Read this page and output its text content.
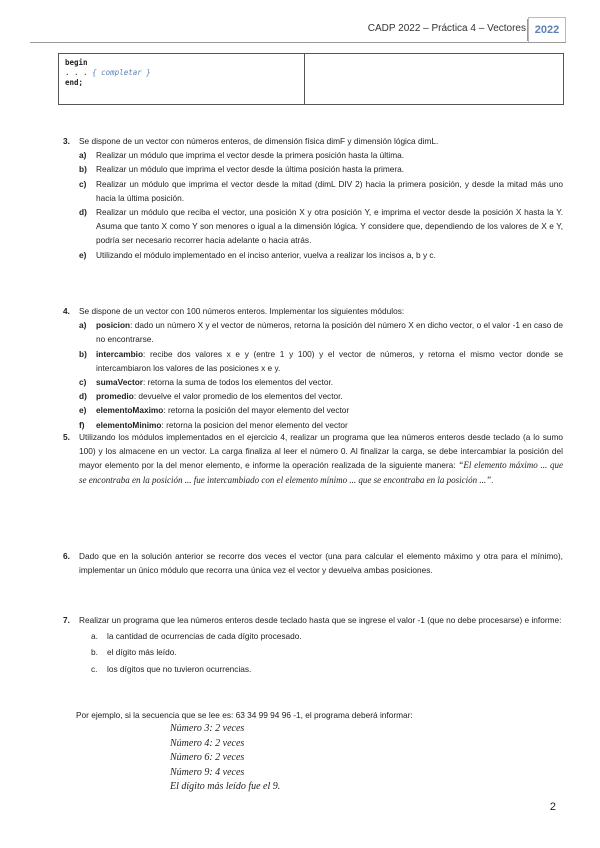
CADP 2022 – Práctica 4 – Vectores 2022
begin
. . . { completar }
end;
3. Se dispone de un vector con números enteros, de dimensión física dimF y dimensión lógica dimL.
a) Realizar un módulo que imprima el vector desde la primera posición hasta la última.
b) Realizar un módulo que imprima el vector desde la última posición hasta la primera.
c) Realizar un módulo que imprima el vector desde la mitad (dimL DIV 2) hacia la primera posición, y desde la mitad más uno hacia la última posición.
d) Realizar un módulo que reciba el vector, una posición X y otra posición Y, e imprima el vector desde la posición X hasta la Y. Asuma que tanto X como Y son menores o igual a la dimensión lógica. Y considere que, dependiendo de los valores de X e Y, podría ser necesario recorrer hacia adelante o hacia atrás.
e) Utilizando el módulo implementado en el inciso anterior, vuelva a realizar los incisos a, b y c.
4. Se dispone de un vector con 100 números enteros. Implementar los siguientes módulos:
a) posicion: dado un número X y el vector de números, retorna la posición del número X en dicho vector, o el valor -1 en caso de no encontrarse.
b) intercambio: recibe dos valores x e y (entre 1 y 100) y el vector de números, y retorna el mismo vector donde se intercambiaron los valores de las posiciones x e y.
c) sumaVector: retorna la suma de todos los elementos del vector.
d) promedio: devuelve el valor promedio de los elementos del vector.
e) elementoMaximo: retorna la posición del mayor elemento del vector
f) elementoMinimo: retorna la posicion del menor elemento del vector
5. Utilizando los módulos implementados en el ejercicio 4, realizar un programa que lea números enteros desde teclado (a lo sumo 100) y los almacene en un vector. La carga finaliza al leer el número 0. Al finalizar la carga, se debe intercambiar la posición del mayor elemento por la del menor elemento, e informe la operación realizada de la siguiente manera: “El elemento máximo ... que se encontraba en la posición ... fue intercambiado con el elemento mínimo ... que se encontraba en la posición ...”.
6. Dado que en la solución anterior se recorre dos veces el vector (una para calcular el elemento máximo y otra para el mínimo), implementar un único módulo que recorra una única vez el vector y devuelva ambas posiciones.
7. Realizar un programa que lea números enteros desde teclado hasta que se ingrese el valor -1 (que no debe procesarse) e informe:
a. la cantidad de ocurrencias de cada dígito procesado.
b. el dígito más leído.
c. los dígitos que no tuvieron ocurrencias.
Por ejemplo, si la secuencia que se lee es: 63 34 99 94 96 -1, el programa deberá informar:
Número 3: 2 veces
Número 4: 2 veces
Número 6: 2 veces
Número 9: 4 veces
El dígito más leído fue el 9.
2
